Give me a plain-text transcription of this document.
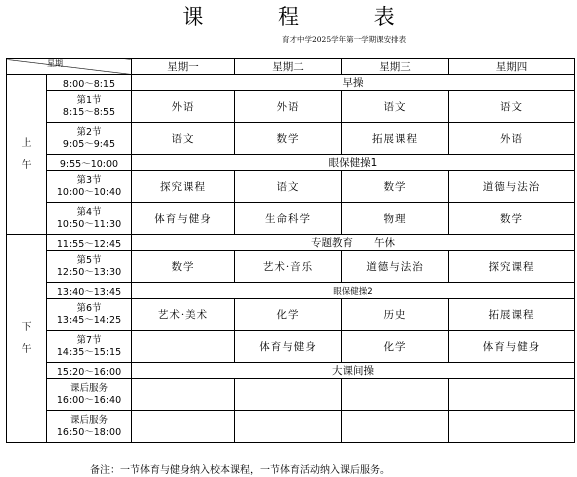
课 程 表
育才中学2025学年第一学期课安排表
星期		星期一	星期二	星期三	星期四

上
午	8:00～8:15	早操			

	第1节
8:15～8:55	外语	外语	语文	语文

	第2节
9:05～9:45	语文	数学	拓展课程	外语
	9:55～10:00	眼保健操1			

	第3节
10:00～10:40	探究课程	语文	数学	道德与法治

	第4节
10:50～11:30	体育与健身	生命科学	物理	数学

下
午	11:55～12:45	专题教育　　午休			

	第5节
12:50～13:30	数学	艺术·音乐	道德与法治	探究课程
	13:40～13:45	眼保健操2			

	第6节
13:45～14:25	艺术·美术	化学	历史	拓展课程

	第7节
14:35～15:15		体育与健身	化学	体育与健身
	15:20～16:00	大课间操			

	课后服务
16:00～16:40				

	课后服务
16:50～18:00				

备注：一节体育与健身纳入校本课程，一节体育活动纳入课后服务。
